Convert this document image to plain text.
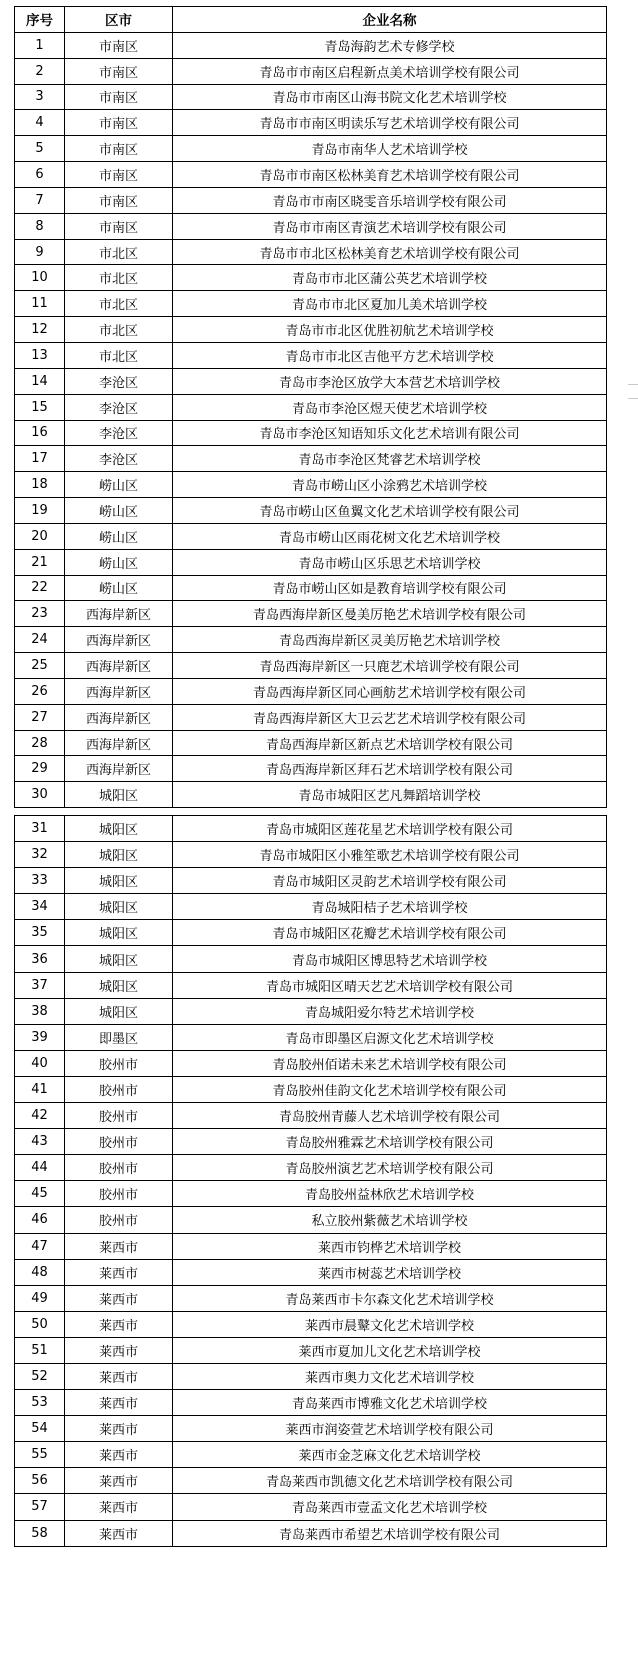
序号	区市	企业名称
1	市南区	青岛海韵艺术专修学校
2	市南区	青岛市市南区启程新点美术培训学校有限公司
3	市南区	青岛市市南区山海书院文化艺术培训学校
4	市南区	青岛市市南区明读乐写艺术培训学校有限公司
5	市南区	青岛市南华人艺术培训学校
6	市南区	青岛市市南区松林美育艺术培训学校有限公司
7	市南区	青岛市市南区晓雯音乐培训学校有限公司
8	市南区	青岛市市南区青演艺术培训学校有限公司
9	市北区	青岛市市北区松林美育艺术培训学校有限公司
10	市北区	青岛市市北区蒲公英艺术培训学校
11	市北区	青岛市市北区夏加儿美术培训学校
12	市北区	青岛市市北区优胜初航艺术培训学校
13	市北区	青岛市市北区吉他平方艺术培训学校
14	李沧区	青岛市李沧区放学大本营艺术培训学校
15	李沧区	青岛市李沧区煜天使艺术培训学校
16	李沧区	青岛市李沧区知语知乐文化艺术培训有限公司
17	李沧区	青岛市李沧区梵睿艺术培训学校
18	崂山区	青岛市崂山区小涂鸦艺术培训学校
19	崂山区	青岛市崂山区鱼翼文化艺术培训学校有限公司
20	崂山区	青岛市崂山区雨花树文化艺术培训学校
21	崂山区	青岛市崂山区乐思艺术培训学校
22	崂山区	青岛市崂山区如是教育培训学校有限公司
23	西海岸新区	青岛西海岸新区曼美厉艳艺术培训学校有限公司
24	西海岸新区	青岛西海岸新区灵美厉艳艺术培训学校
25	西海岸新区	青岛西海岸新区一只鹿艺术培训学校有限公司
26	西海岸新区	青岛西海岸新区同心画舫艺术培训学校有限公司
27	西海岸新区	青岛西海岸新区大卫云艺艺术培训学校有限公司
28	西海岸新区	青岛西海岸新区新点艺术培训学校有限公司
29	西海岸新区	青岛西海岸新区拜石艺术培训学校有限公司
30	城阳区	青岛市城阳区艺凡舞蹈培训学校
31	城阳区	青岛市城阳区莲花星艺术培训学校有限公司
32	城阳区	青岛市城阳区小雅笙歌艺术培训学校有限公司
33	城阳区	青岛市城阳区灵韵艺术培训学校有限公司
34	城阳区	青岛城阳桔子艺术培训学校
35	城阳区	青岛市城阳区花瓣艺术培训学校有限公司
36	城阳区	青岛市城阳区博思特艺术培训学校
37	城阳区	青岛市城阳区晴天艺艺术培训学校有限公司
38	城阳区	青岛城阳爱尔特艺术培训学校
39	即墨区	青岛市即墨区启源文化艺术培训学校
40	胶州市	青岛胶州佰诺未来艺术培训学校有限公司
41	胶州市	青岛胶州佳韵文化艺术培训学校有限公司
42	胶州市	青岛胶州青藤人艺术培训学校有限公司
43	胶州市	青岛胶州雅霖艺术培训学校有限公司
44	胶州市	青岛胶州演艺艺术培训学校有限公司
45	胶州市	青岛胶州益林欣艺术培训学校
46	胶州市	私立胶州紫薇艺术培训学校
47	莱西市	莱西市钧桦艺术培训学校
48	莱西市	莱西市树蕊艺术培训学校
49	莱西市	青岛莱西市卡尔森文化艺术培训学校
50	莱西市	莱西市晨鼙文化艺术培训学校
51	莱西市	莱西市夏加儿文化艺术培训学校
52	莱西市	莱西市奥力文化艺术培训学校
53	莱西市	青岛莱西市博雅文化艺术培训学校
54	莱西市	莱西市润姿萱艺术培训学校有限公司
55	莱西市	莱西市金芝麻文化艺术培训学校
56	莱西市	青岛莱西市凯德文化艺术培训学校有限公司
57	莱西市	青岛莱西市壹孟文化艺术培训学校
58	莱西市	青岛莱西市希望艺术培训学校有限公司
